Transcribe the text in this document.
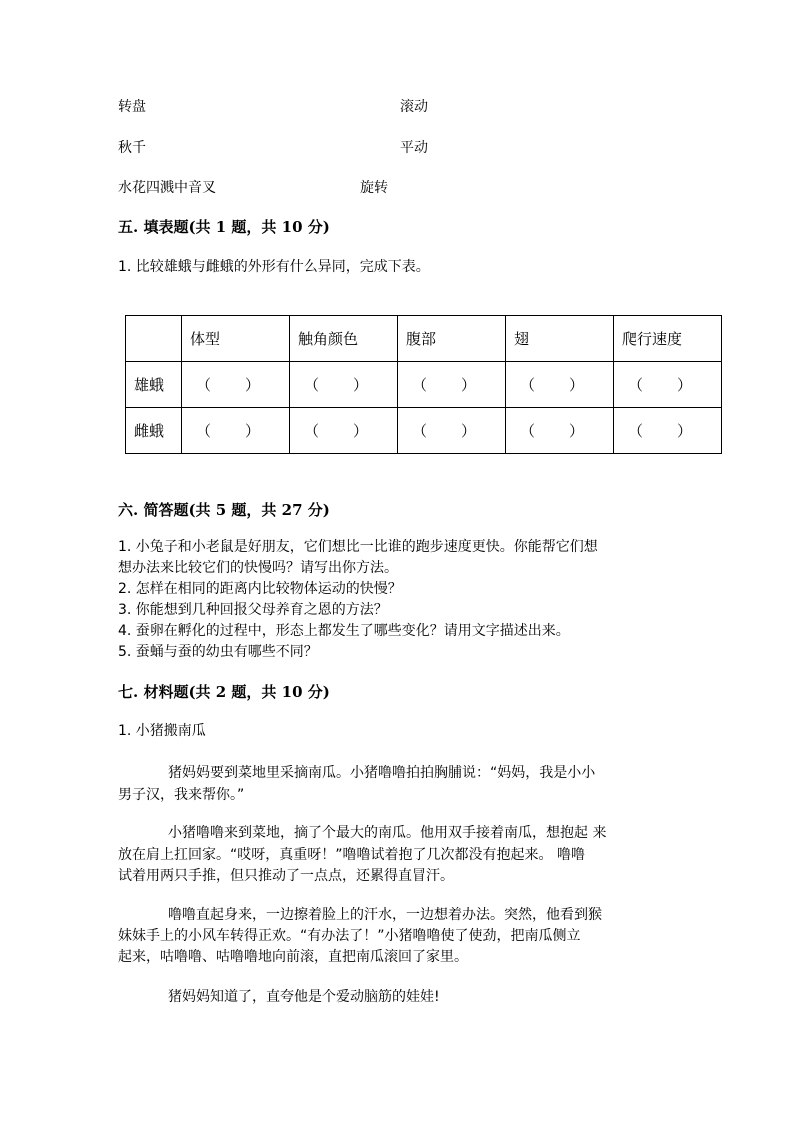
转盘	滚动
秋千	平动
水花四溅中音叉	旋转
五. 填表题(共 1 题，共 10 分)
1. 比较雄蛾与雌蛾的外形有什么异同，完成下表。
	体型	触角颜色	腹部	翅	爬行速度
雄蛾	（ ）	（ ）	（ ）	（ ）	（ ）

雌蛾	（ ）	（ ）	（ ）	（ ）	（ ）
六. 简答题(共 5 题，共 27 分)
1. 小兔子和小老鼠是好朋友，它们想比一比谁的跑步速度更快。你能帮它们想
想办法来比较它们的快慢吗？请写出你方法。
2. 怎样在相同的距离内比较物体运动的快慢？
3. 你能想到几种回报父母养育之恩的方法？
4. 蚕卵在孵化的过程中，形态上都发生了哪些变化？请用文字描述出来。
5. 蚕蛹与蚕的幼虫有哪些不同？
七. 材料题(共 2 题，共 10 分)
1. 小猪搬南瓜
猪妈妈要到菜地里采摘南瓜。小猪噜噜拍拍胸脯说：“妈妈，我是小小
男子汉，我来帮你。”
小猪噜噜来到菜地，摘了个最大的南瓜。他用双手接着南瓜，想抱起 来
放在肩上扛回家。“哎呀，真重呀！”噜噜试着抱了几次都没有抱起来。 噜噜
试着用两只手推，但只推动了一点点，还累得直冒汗。
噜噜直起身来，一边擦着脸上的汗水，一边想着办法。突然，他看到猴
妹妹手上的小风车转得正欢。“有办法了！”小猪噜噜使了使劲，把南瓜侧立
起来，咕噜噜、咕噜噜地向前滚，直把南瓜滚回了家里。
猪妈妈知道了，直夸他是个爱动脑筋的娃娃!
